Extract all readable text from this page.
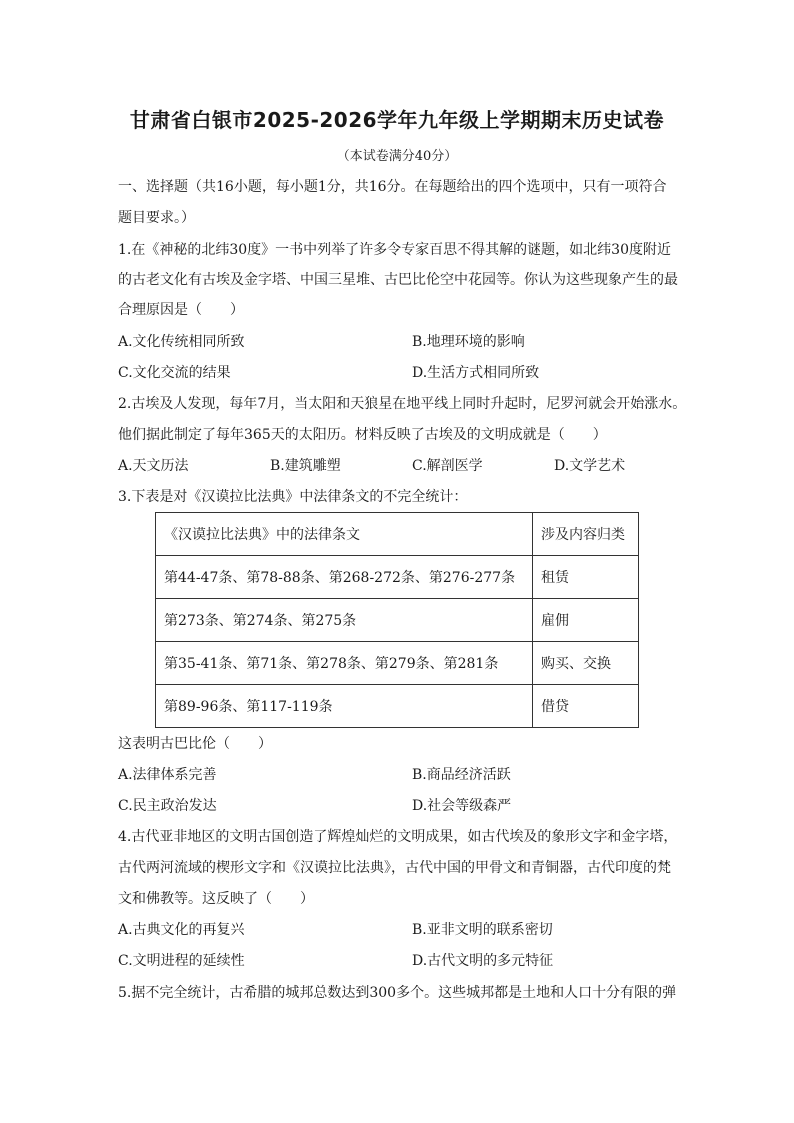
甘肃省白银市2025-2026学年九年级上学期期末历史试卷
（本试卷满分40分）
一、选择题（共16小题，每小题1分，共16分。在每题给出的四个选项中，只有一项符合
题目要求。）
1.在《神秘的北纬30度》一书中列举了许多令专家百思不得其解的谜题，如北纬30度附近
的古老文化有古埃及金字塔、中国三星堆、古巴比伦空中花园等。你认为这些现象产生的最
合理原因是（　　）
A.文化传统相同所致	B.地理环境的影响
C.文化交流的结果	D.生活方式相同所致
2.古埃及人发现，每年7月，当太阳和天狼星在地平线上同时升起时，尼罗河就会开始涨水。
他们据此制定了每年365天的太阳历。材料反映了古埃及的文明成就是（　　）
A.天文历法	B.建筑雕塑	C.解剖医学	D.文学艺术
3.下表是对《汉谟拉比法典》中法律条文的不完全统计：
《汉谟拉比法典》中的法律条文	涉及内容归类
第44-47条、第78-88条、第268-272条、第276-277条	租赁
第273条、第274条、第275条	雇佣
第35-41条、第71条、第278条、第279条、第281条	购买、交换
第89-96条、第117-119条	借贷
这表明古巴比伦（　　）
A.法律体系完善	B.商品经济活跃
C.民主政治发达	D.社会等级森严
4.古代亚非地区的文明古国创造了辉煌灿烂的文明成果，如古代埃及的象形文字和金字塔，
古代两河流域的楔形文字和《汉谟拉比法典》，古代中国的甲骨文和青铜器，古代印度的梵
文和佛教等。这反映了（　　）
A.古典文化的再复兴	B.亚非文明的联系密切
C.文明进程的延续性	D.古代文明的多元特征
5.据不完全统计，古希腊的城邦总数达到300多个。这些城邦都是土地和人口十分有限的弹
